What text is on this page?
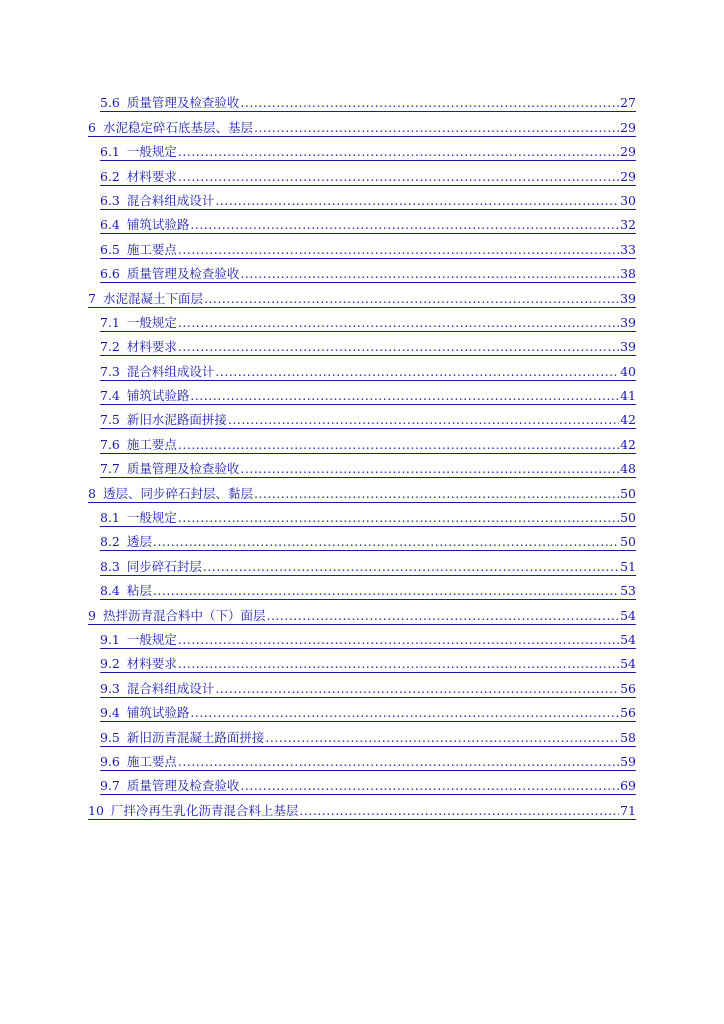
5.6 质量管理及检查验收 .....	27
6 水泥稳定碎石底基层、基层 .....	29
6.1 一般规定 .....	29
6.2 材料要求 .....	29
6.3 混合料组成设计 .....	30
6.4 铺筑试验路 .....	32
6.5 施工要点 .....	33
6.6 质量管理及检查验收 .....	38
7 水泥混凝土下面层 .....	39
7.1 一般规定 .....	39
7.2 材料要求 .....	39
7.3 混合料组成设计 .....	40
7.4 铺筑试验路 .....	41
7.5 新旧水泥路面拼接 .....	42
7.6 施工要点 .....	42
7.7 质量管理及检查验收 .....	48
8 透层、同步碎石封层、黏层 .....	50
8.1 一般规定 .....	50
8.2 透层 .....	50
8.3 同步碎石封层 .....	51
8.4 粘层 .....	53
9 热拌沥青混合料中（下）面层 .....	54
9.1 一般规定 .....	54
9.2 材料要求 .....	54
9.3 混合料组成设计 .....	56
9.4 铺筑试验路 .....	56
9.5 新旧沥青混凝土路面拼接 .....	58
9.6 施工要点 .....	59
9.7 质量管理及检查验收 .....	69
10 厂拌冷再生乳化沥青混合料上基层 .....	71
